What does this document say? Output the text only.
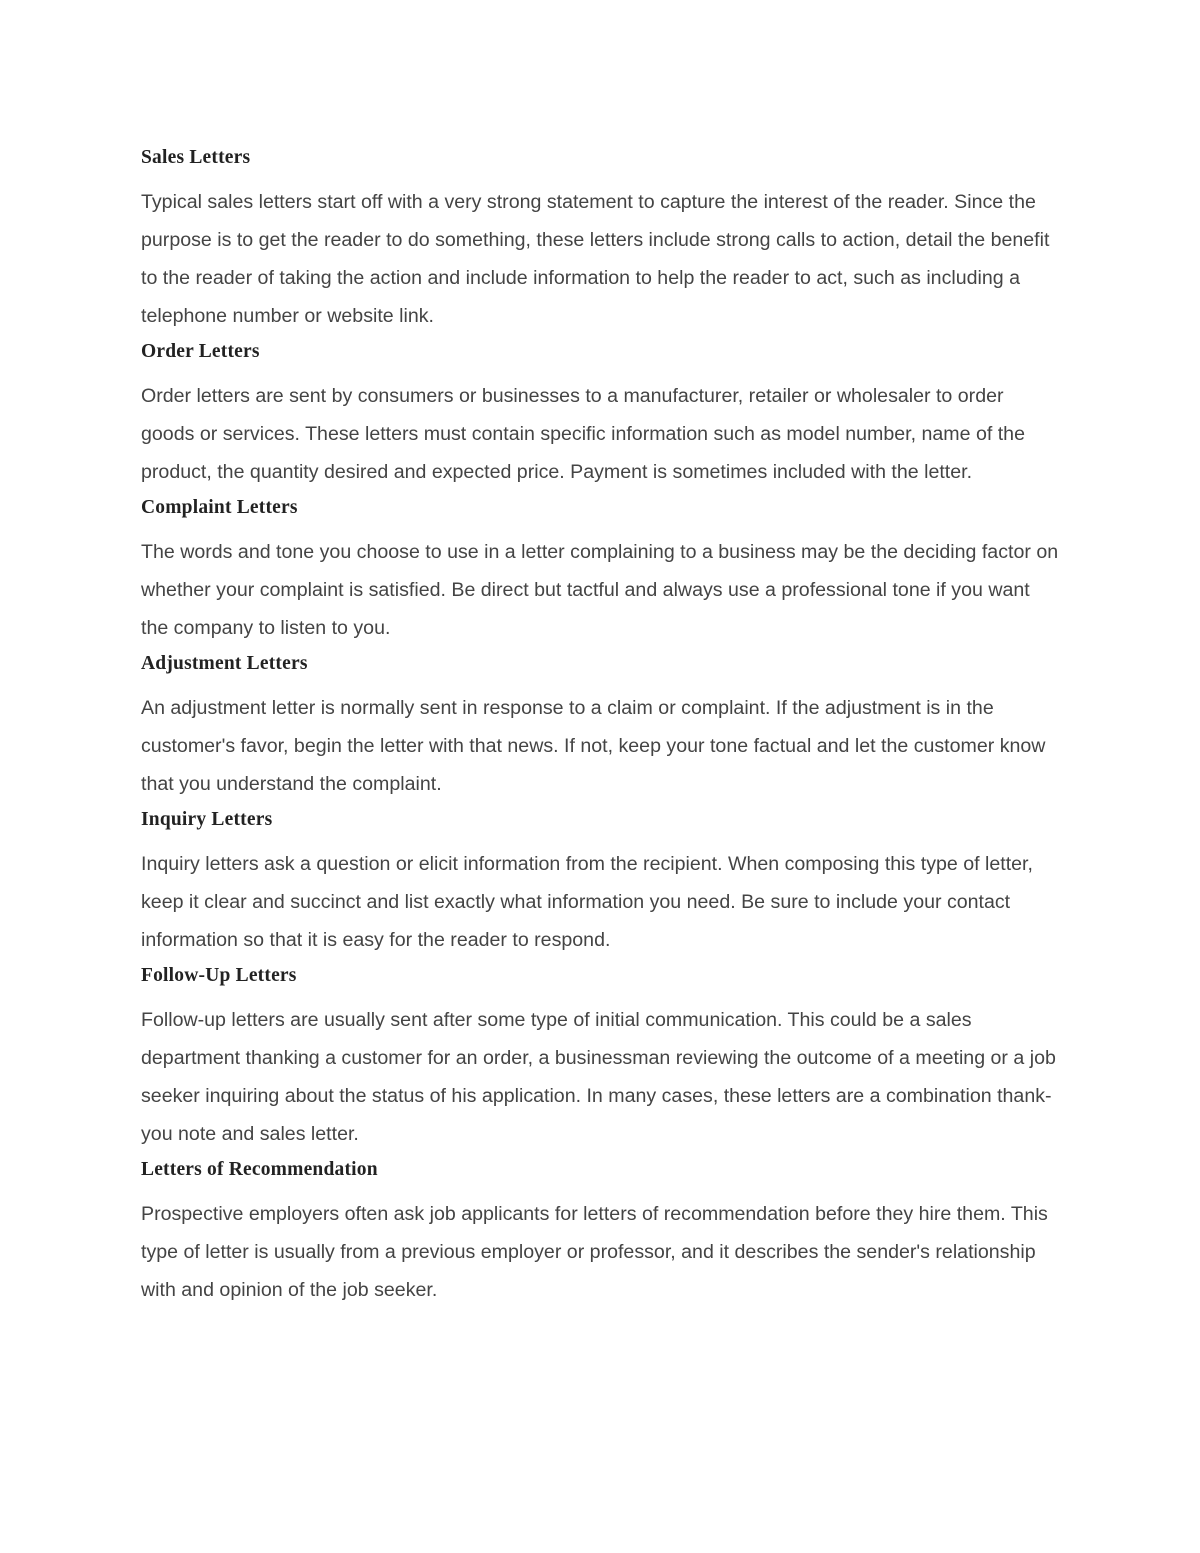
Sales Letters

Typical sales letters start off with a very strong statement to capture the interest of the reader. Since the purpose is to get the reader to do something, these letters include strong calls to action, detail the benefit to the reader of taking the action and include information to help the reader to act, such as including a telephone number or website link.

Order Letters

Order letters are sent by consumers or businesses to a manufacturer, retailer or wholesaler to order goods or services. These letters must contain specific information such as model number, name of the product, the quantity desired and expected price. Payment is sometimes included with the letter.

Complaint Letters

The words and tone you choose to use in a letter complaining to a business may be the deciding factor on whether your complaint is satisfied. Be direct but tactful and always use a professional tone if you want the company to listen to you.

Adjustment Letters

An adjustment letter is normally sent in response to a claim or complaint. If the adjustment is in the customer's favor, begin the letter with that news. If not, keep your tone factual and let the customer know that you understand the complaint.

Inquiry Letters

Inquiry letters ask a question or elicit information from the recipient. When composing this type of letter, keep it clear and succinct and list exactly what information you need. Be sure to include your contact information so that it is easy for the reader to respond.

Follow-Up Letters

Follow-up letters are usually sent after some type of initial communication. This could be a sales department thanking a customer for an order, a businessman reviewing the outcome of a meeting or a job seeker inquiring about the status of his application. In many cases, these letters are a combination thank-you note and sales letter.

Letters of Recommendation

Prospective employers often ask job applicants for letters of recommendation before they hire them. This type of letter is usually from a previous employer or professor, and it describes the sender's relationship with and opinion of the job seeker.
